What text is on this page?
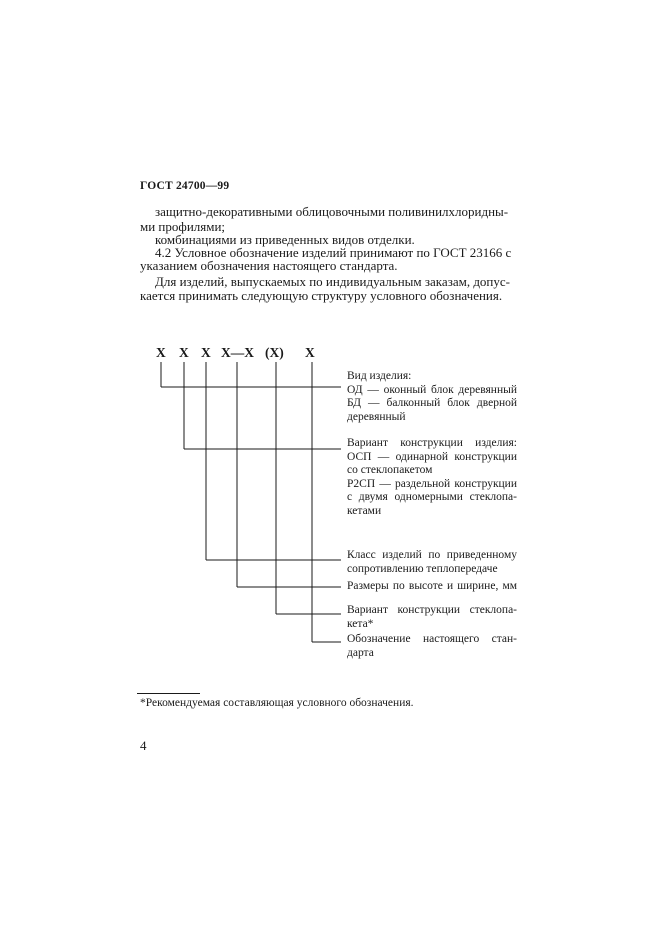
ГОСТ 24700—99
защитно-декоративными облицовочными поливинилхлоридны-
ми профилями;
комбинациями из приведенных видов отделки.
4.2 Условное обозначение изделий принимают по ГОСТ 23166 с
указанием обозначения настоящего стандарта.
Для изделий, выпускаемых по индивидуальным заказам, допус-
кается принимать следующую структуру условного обозначения.
X X X X—X (X) X
Вид изделия:
ОД — оконный блок деревянный
БД — балконный блок дверной
деревянный
Вариант конструкции изделия:
ОСП — одинарной конструкции
со стеклопакетом
Р2СП — раздельной конструкции
с двумя одномерными стеклопа-
кетами
Класс изделий по приведенному
сопротивлению теплопередаче
Размеры по высоте и ширине, мм
Вариант конструкции стеклопа-
кета*
Обозначение настоящего стан-
дарта
*Рекомендуемая составляющая условного обозначения.
4
